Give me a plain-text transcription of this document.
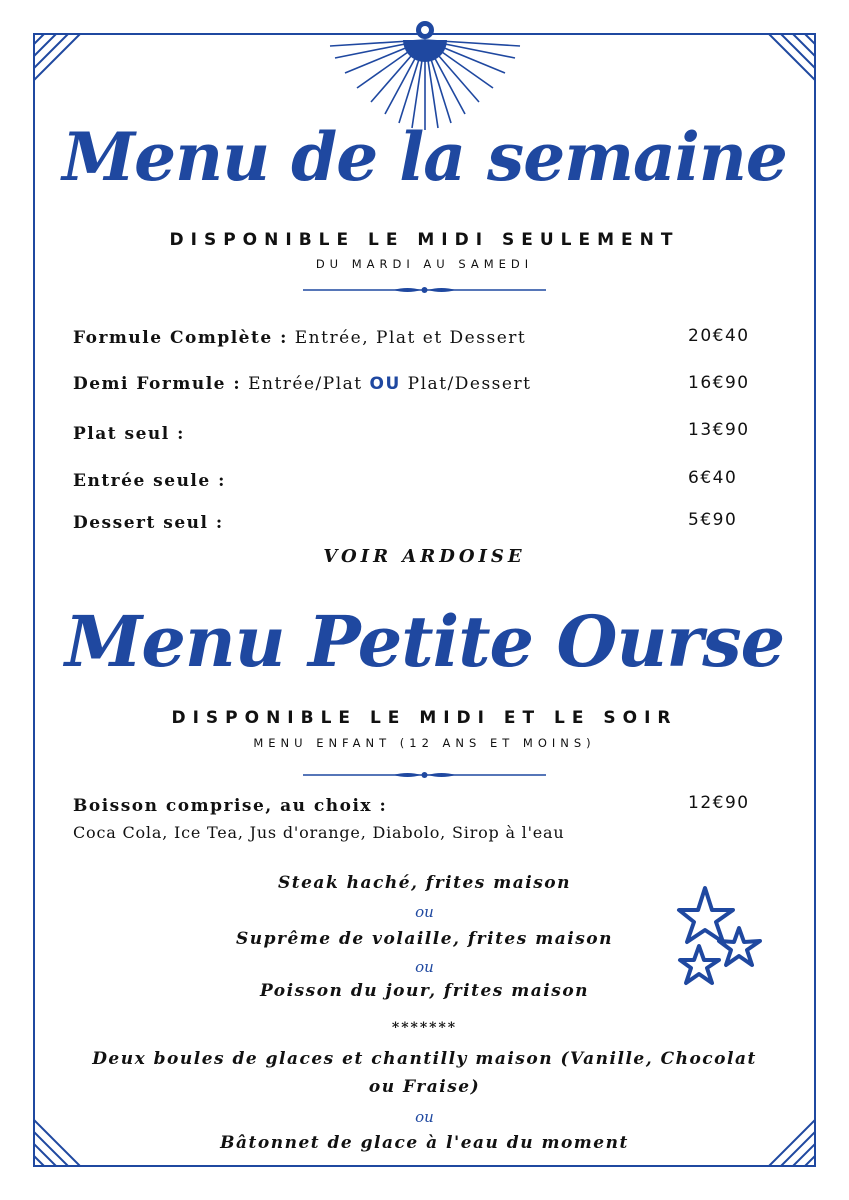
Menu de la semaine
DISPONIBLE LE MIDI SEULEMENT
DU MARDI AU SAMEDI
Formule Complète : Entrée, Plat et Dessert	20€40
Demi Formule : Entrée/Plat OU Plat/Dessert	16€90
Plat seul :	13€90
Entrée seule :	6€40
Dessert seul :	5€90
VOIR ARDOISE
Menu Petite Ourse
DISPONIBLE LE MIDI ET LE SOIR
MENU ENFANT (12 ANS ET MOINS)
Boisson comprise, au choix :	12€90
Coca Cola, Ice Tea, Jus d'orange, Diabolo, Sirop à l'eau
Steak haché, frites maison
ou
Suprême de volaille, frites maison
ou
Poisson du jour, frites maison
*******
Deux boules de glaces et chantilly maison (Vanille, Chocolat
ou Fraise)
ou
Bâtonnet de glace à l'eau du moment
